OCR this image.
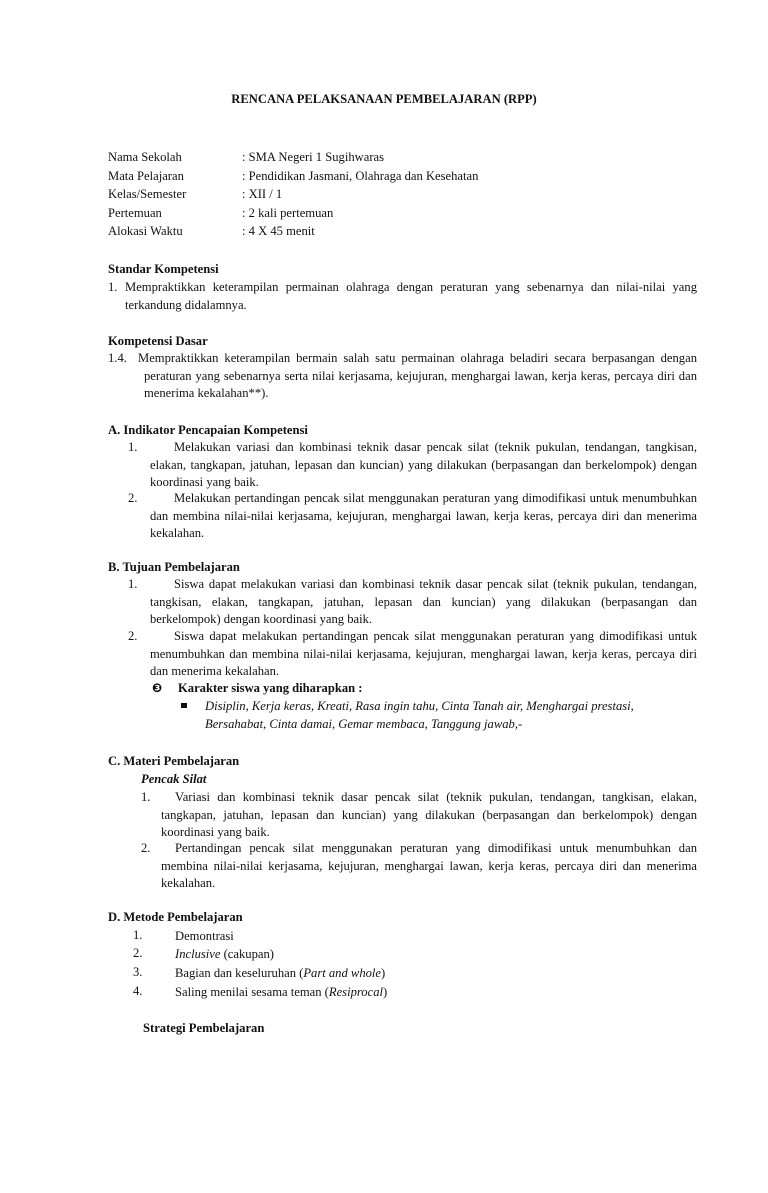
RENCANA PELAKSANAAN PEMBELAJARAN (RPP)
Nama Sekolah	: SMA Negeri 1 Sugihwaras
Mata Pelajaran	: Pendidikan Jasmani, Olahraga dan Kesehatan
Kelas/Semester	: XII / 1
Pertemuan	: 2 kali pertemuan
Alokasi Waktu	: 4 X 45 menit
Standar Kompetensi
1. Mempraktikkan keterampilan permainan olahraga dengan peraturan yang sebenarnya dan nilai-nilai yang terkandung didalamnya.
Kompetensi Dasar
1.4. Mempraktikkan keterampilan bermain salah satu permainan olahraga beladiri secara berpasangan dengan peraturan yang sebenarnya serta nilai kerjasama, kejujuran, menghargai lawan, kerja keras, percaya diri dan menerima kekalahan**).
A. Indikator Pencapaian Kompetensi
1.	Melakukan variasi dan kombinasi teknik dasar pencak silat (teknik pukulan, tendangan, tangkisan, elakan, tangkapan, jatuhan, lepasan dan kuncian) yang dilakukan (berpasangan dan berkelompok) dengan koordinasi yang baik.
2.	Melakukan pertandingan pencak silat menggunakan peraturan yang dimodifikasi untuk menumbuhkan dan membina nilai-nilai kerjasama, kejujuran, menghargai lawan, kerja keras, percaya diri dan menerima kekalahan.
B. Tujuan Pembelajaran
1.	Siswa dapat melakukan variasi dan kombinasi teknik dasar pencak silat (teknik pukulan, tendangan, tangkisan, elakan, tangkapan, jatuhan, lepasan dan kuncian) yang dilakukan (berpasangan dan berkelompok) dengan koordinasi yang baik.
2.	Siswa dapat melakukan pertandingan pencak silat menggunakan peraturan yang dimodifikasi untuk menumbuhkan dan membina nilai-nilai kerjasama, kejujuran, menghargai lawan, kerja keras, percaya diri dan menerima kekalahan.
❸ Karakter siswa yang diharapkan :
Disiplin, Kerja keras, Kreati, Rasa ingin tahu, Cinta Tanah air, Menghargai prestasi,
Bersahabat, Cinta damai, Gemar membaca, Tanggung jawab,-
C. Materi Pembelajaran
Pencak Silat
1.	Variasi dan kombinasi teknik dasar pencak silat (teknik pukulan, tendangan, tangkisan, elakan, tangkapan, jatuhan, lepasan dan kuncian) yang dilakukan (berpasangan dan berkelompok) dengan koordinasi yang baik.
2.	Pertandingan pencak silat menggunakan peraturan yang dimodifikasi untuk menumbuhkan dan membina nilai-nilai kerjasama, kejujuran, menghargai lawan, kerja keras, percaya diri dan menerima kekalahan.
D. Metode Pembelajaran
1.	Demontrasi
2.	Inclusive (cakupan)
3.	Bagian dan keseluruhan (Part and whole)
4.	Saling menilai sesama teman (Resiprocal)
Strategi Pembelajaran
